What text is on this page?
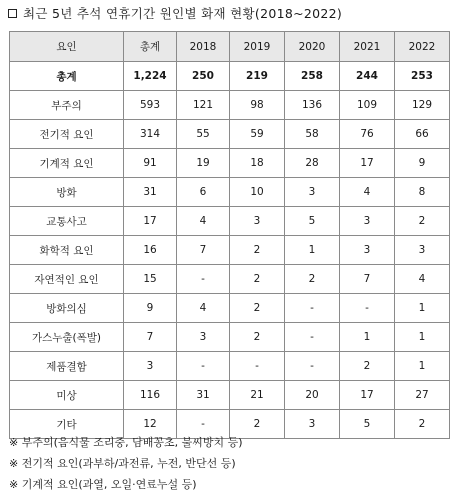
최근 5년 추석 연휴기간 원인별 화재 현황(2018~2022)
요인	총계	2018	2019	2020	2021	2022
총계	1,224	250	219	258	244	253
부주의	593	121	98	136	109	129
전기적 요인	314	55	59	58	76	66
기계적 요인	91	19	18	28	17	9
방화	31	6	10	3	4	8
교통사고	17	4	3	5	3	2
화학적 요인	16	7	2	1	3	3
자연적인 요인	15	-	2	2	7	4
방화의심	9	4	2	-	-	1
가스누출(폭발)	7	3	2	-	1	1
제품결함	3	-	-	-	2	1
미상	116	31	21	20	17	27
기타	12	-	2	3	5	2
※ 부주의(음식물 조리중, 담배꽁초, 불씨방치 등)
※ 전기적 요인(과부하/과전류, 누전, 반단선 등)
※ 기계적 요인(과열, 오일·연료누설 등)
